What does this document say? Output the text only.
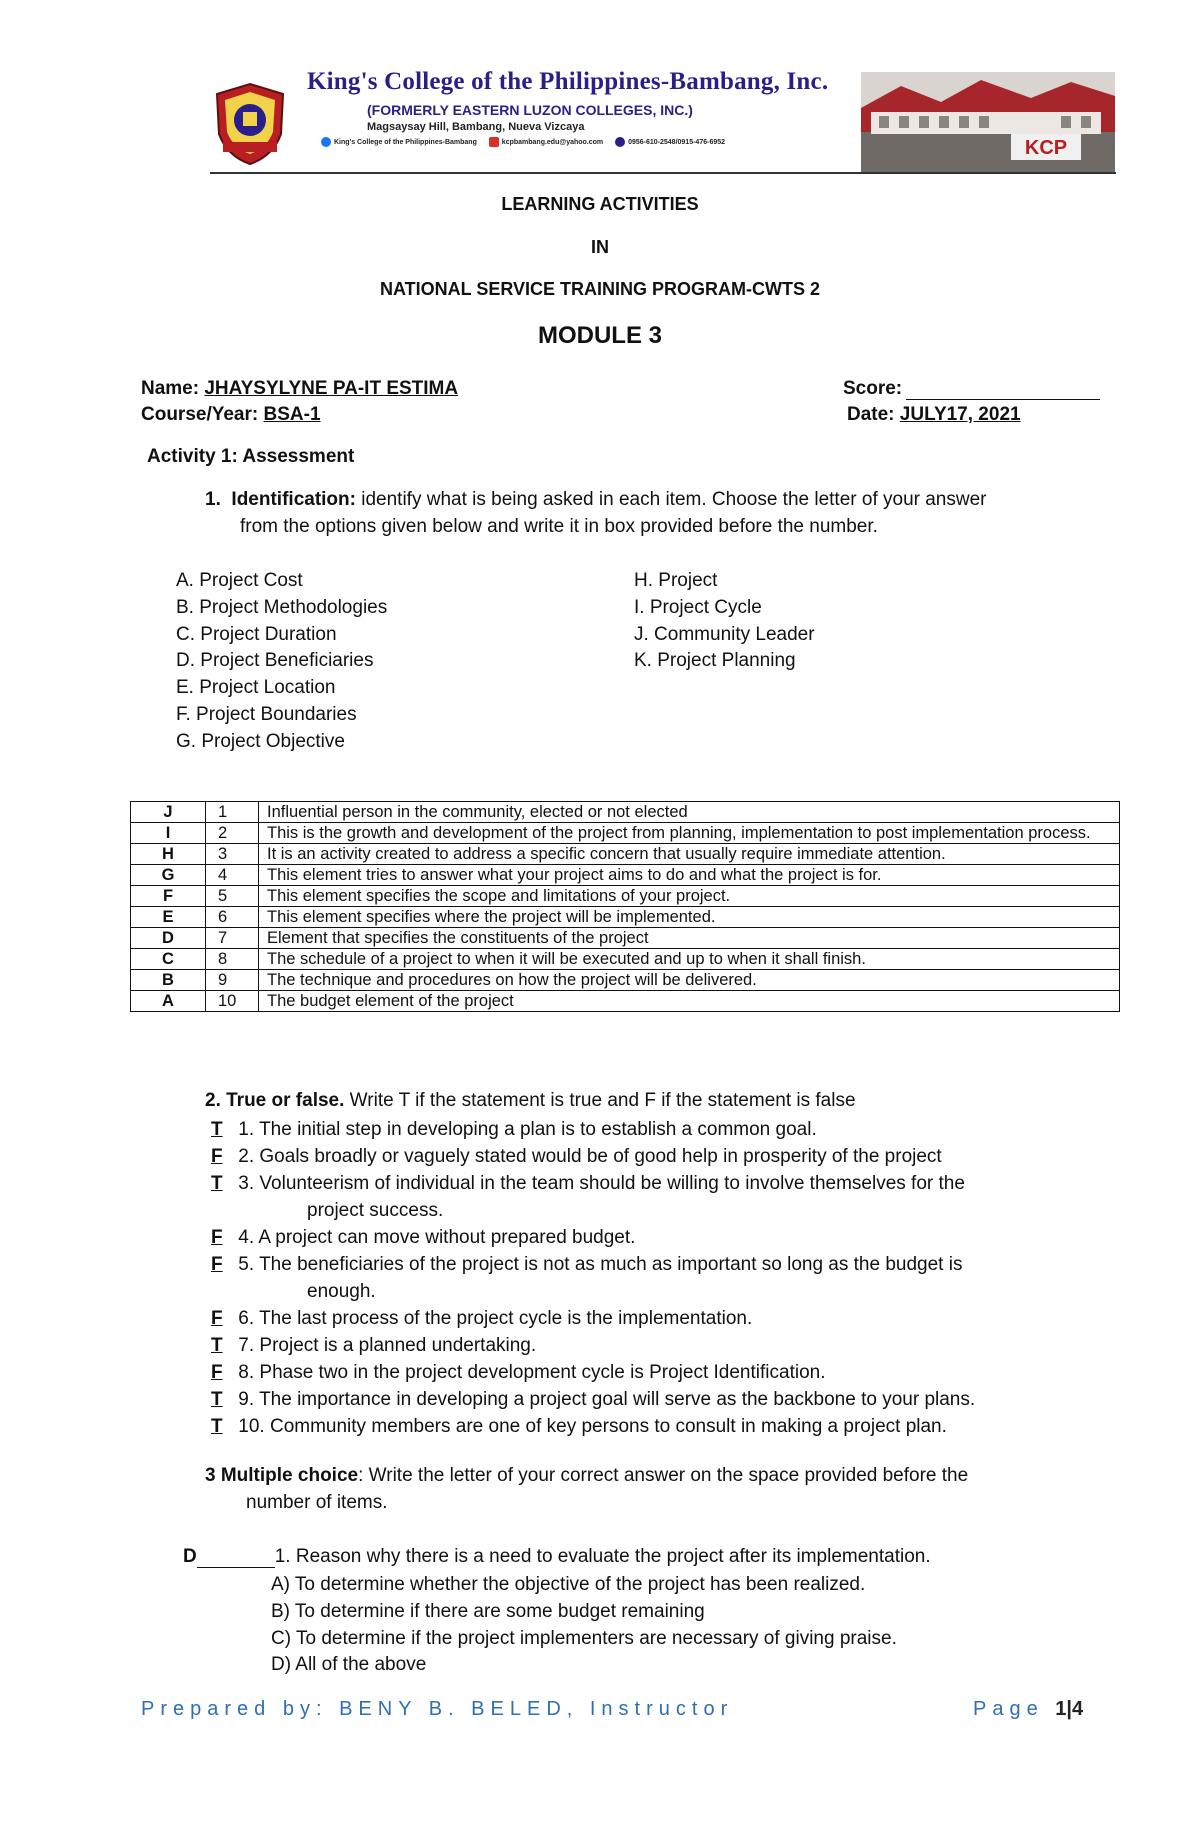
King's College of the Philippines-Bambang, Inc.
(FORMERLY EASTERN LUZON COLLEGES, INC.)
Magsaysay Hill, Bambang, Nueva Vizcaya
King's College of the Philippines-Bambang	kcpbambang.edu@yahoo.com	0956-610-2548/0915-476-6952	KCP
LEARNING ACTIVITIES
IN
NATIONAL SERVICE TRAINING PROGRAM-CWTS 2
MODULE 3
Name: JHAYSYLYNE PA-IT ESTIMA	Score:
Course/Year: BSA-1	Date: JULY17, 2021
Activity 1: Assessment
1. Identification: identify what is being asked in each item. Choose the letter of your answer
from the options given below and write it in box provided before the number.
A. Project Cost
B. Project Methodologies
C. Project Duration
D. Project Beneficiaries
E. Project Location
F. Project Boundaries
G. Project Objective
H. Project
I. Project Cycle
J. Community Leader
K. Project Planning
J	1	Influential person in the community, elected or not elected
I	2	This is the growth and development of the project from planning, implementation to post implementation process.
H	3	It is an activity created to address a specific concern that usually require immediate attention.
G	4	This element tries to answer what your project aims to do and what the project is for.
F	5	This element specifies the scope and limitations of your project.
E	6	This element specifies where the project will be implemented.
D	7	Element that specifies the constituents of the project
C	8	The schedule of a project to when it will be executed and up to when it shall finish.
B	9	The technique and procedures on how the project will be delivered.
A	10	The budget element of the project
2. True or false. Write T if the statement is true and F if the statement is false
T 1. The initial step in developing a plan is to establish a common goal.
F 2. Goals broadly or vaguely stated would be of good help in prosperity of the project
T 3. Volunteerism of individual in the team should be willing to involve themselves for the
project success.
F 4. A project can move without prepared budget.
F 5. The beneficiaries of the project is not as much as important so long as the budget is
enough.
F 6. The last process of the project cycle is the implementation.
T 7. Project is a planned undertaking.
F 8. Phase two in the project development cycle is Project Identification.
T 9. The importance in developing a project goal will serve as the backbone to your plans.
T 10. Community members are one of key persons to consult in making a project plan.
3 Multiple choice: Write the letter of your correct answer on the space provided before the
number of items.
D	1. Reason why there is a need to evaluate the project after its implementation.
A) To determine whether the objective of the project has been realized.
B) To determine if there are some budget remaining
C) To determine if the project implementers are necessary of giving praise.
D) All of the above
Prepared by: BENY B. BELED, Instructor	Page 1|4
